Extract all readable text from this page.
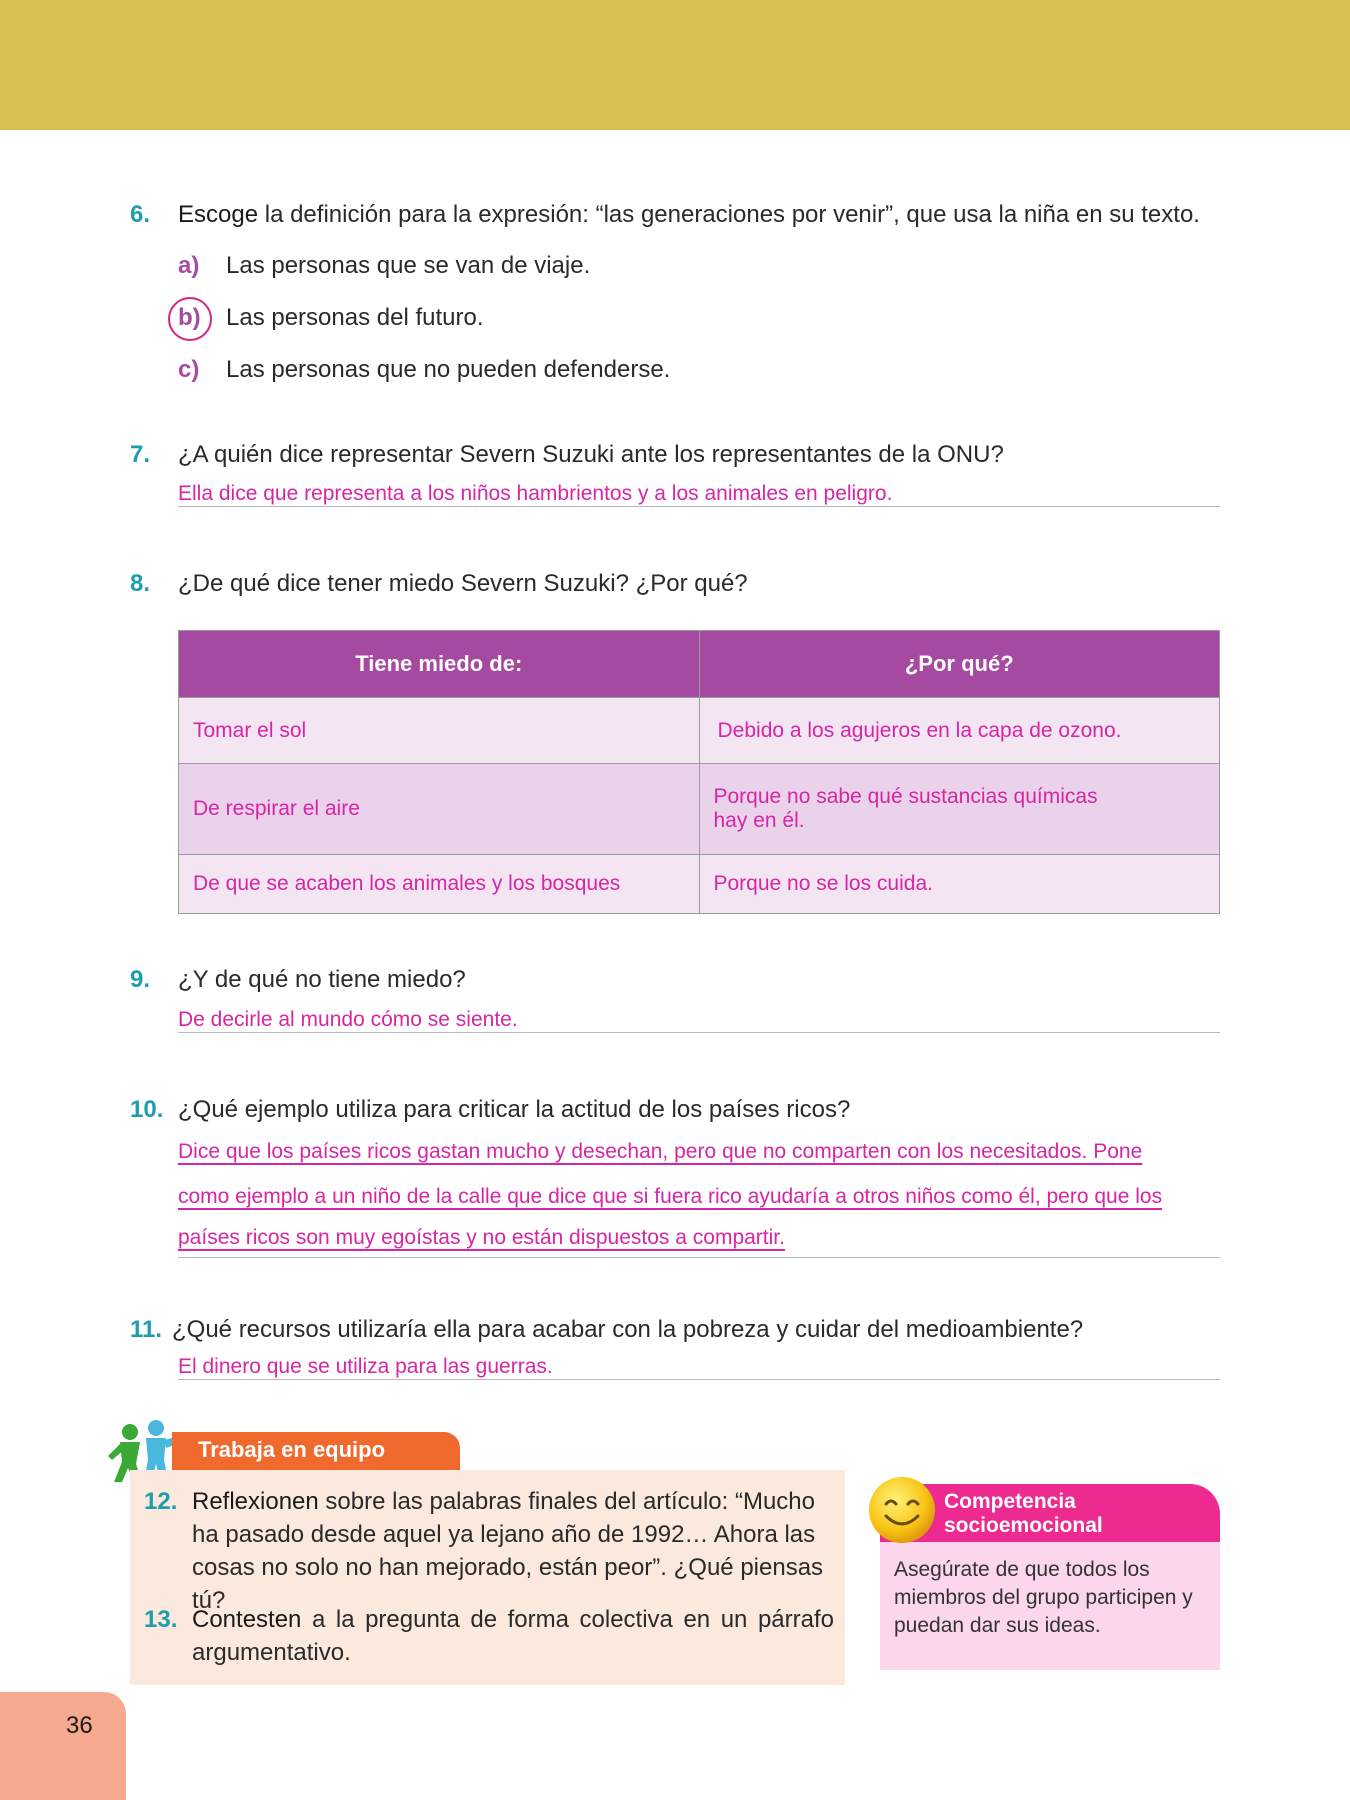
6. Escoge la definición para la expresión: “las generaciones por venir”, que usa la niña en su texto.
a) Las personas que se van de viaje.
b) Las personas del futuro.
c) Las personas que no pueden defenderse.
7. ¿A quién dice representar Severn Suzuki ante los representantes de la ONU?
Ella dice que representa a los niños hambrientos y a los animales en peligro.
8. ¿De qué dice tener miedo Severn Suzuki? ¿Por qué?
Tiene miedo de:	¿Por qué?
Tomar el sol	Debido a los agujeros en la capa de ozono.
De respirar el aire	Porque no sabe qué sustancias químicas hay en él.
De que se acaben los animales y los bosques	Porque no se los cuida.
9. ¿Y de qué no tiene miedo?
De decirle al mundo cómo se siente.
10. ¿Qué ejemplo utiliza para criticar la actitud de los países ricos?
Dice que los países ricos gastan mucho y desechan, pero que no comparten con los necesitados. Pone
como ejemplo a un niño de la calle que dice que si fuera rico ayudaría a otros niños como él, pero que los
países ricos son muy egoístas y no están dispuestos a compartir.
11. ¿Qué recursos utilizaría ella para acabar con la pobreza y cuidar del medioambiente?
El dinero que se utiliza para las guerras.
Trabaja en equipo
12. Reflexionen sobre las palabras finales del artículo: “Mucho ha pasado desde aquel ya lejano año de 1992… Ahora las cosas no solo no han mejorado, están peor”. ¿Qué piensas tú?
13. Contesten a la pregunta de forma colectiva en un párrafo argumentativo.
Competencia
socioemocional
Asegúrate de que todos los miembros del grupo participen y puedan dar sus ideas.
36
